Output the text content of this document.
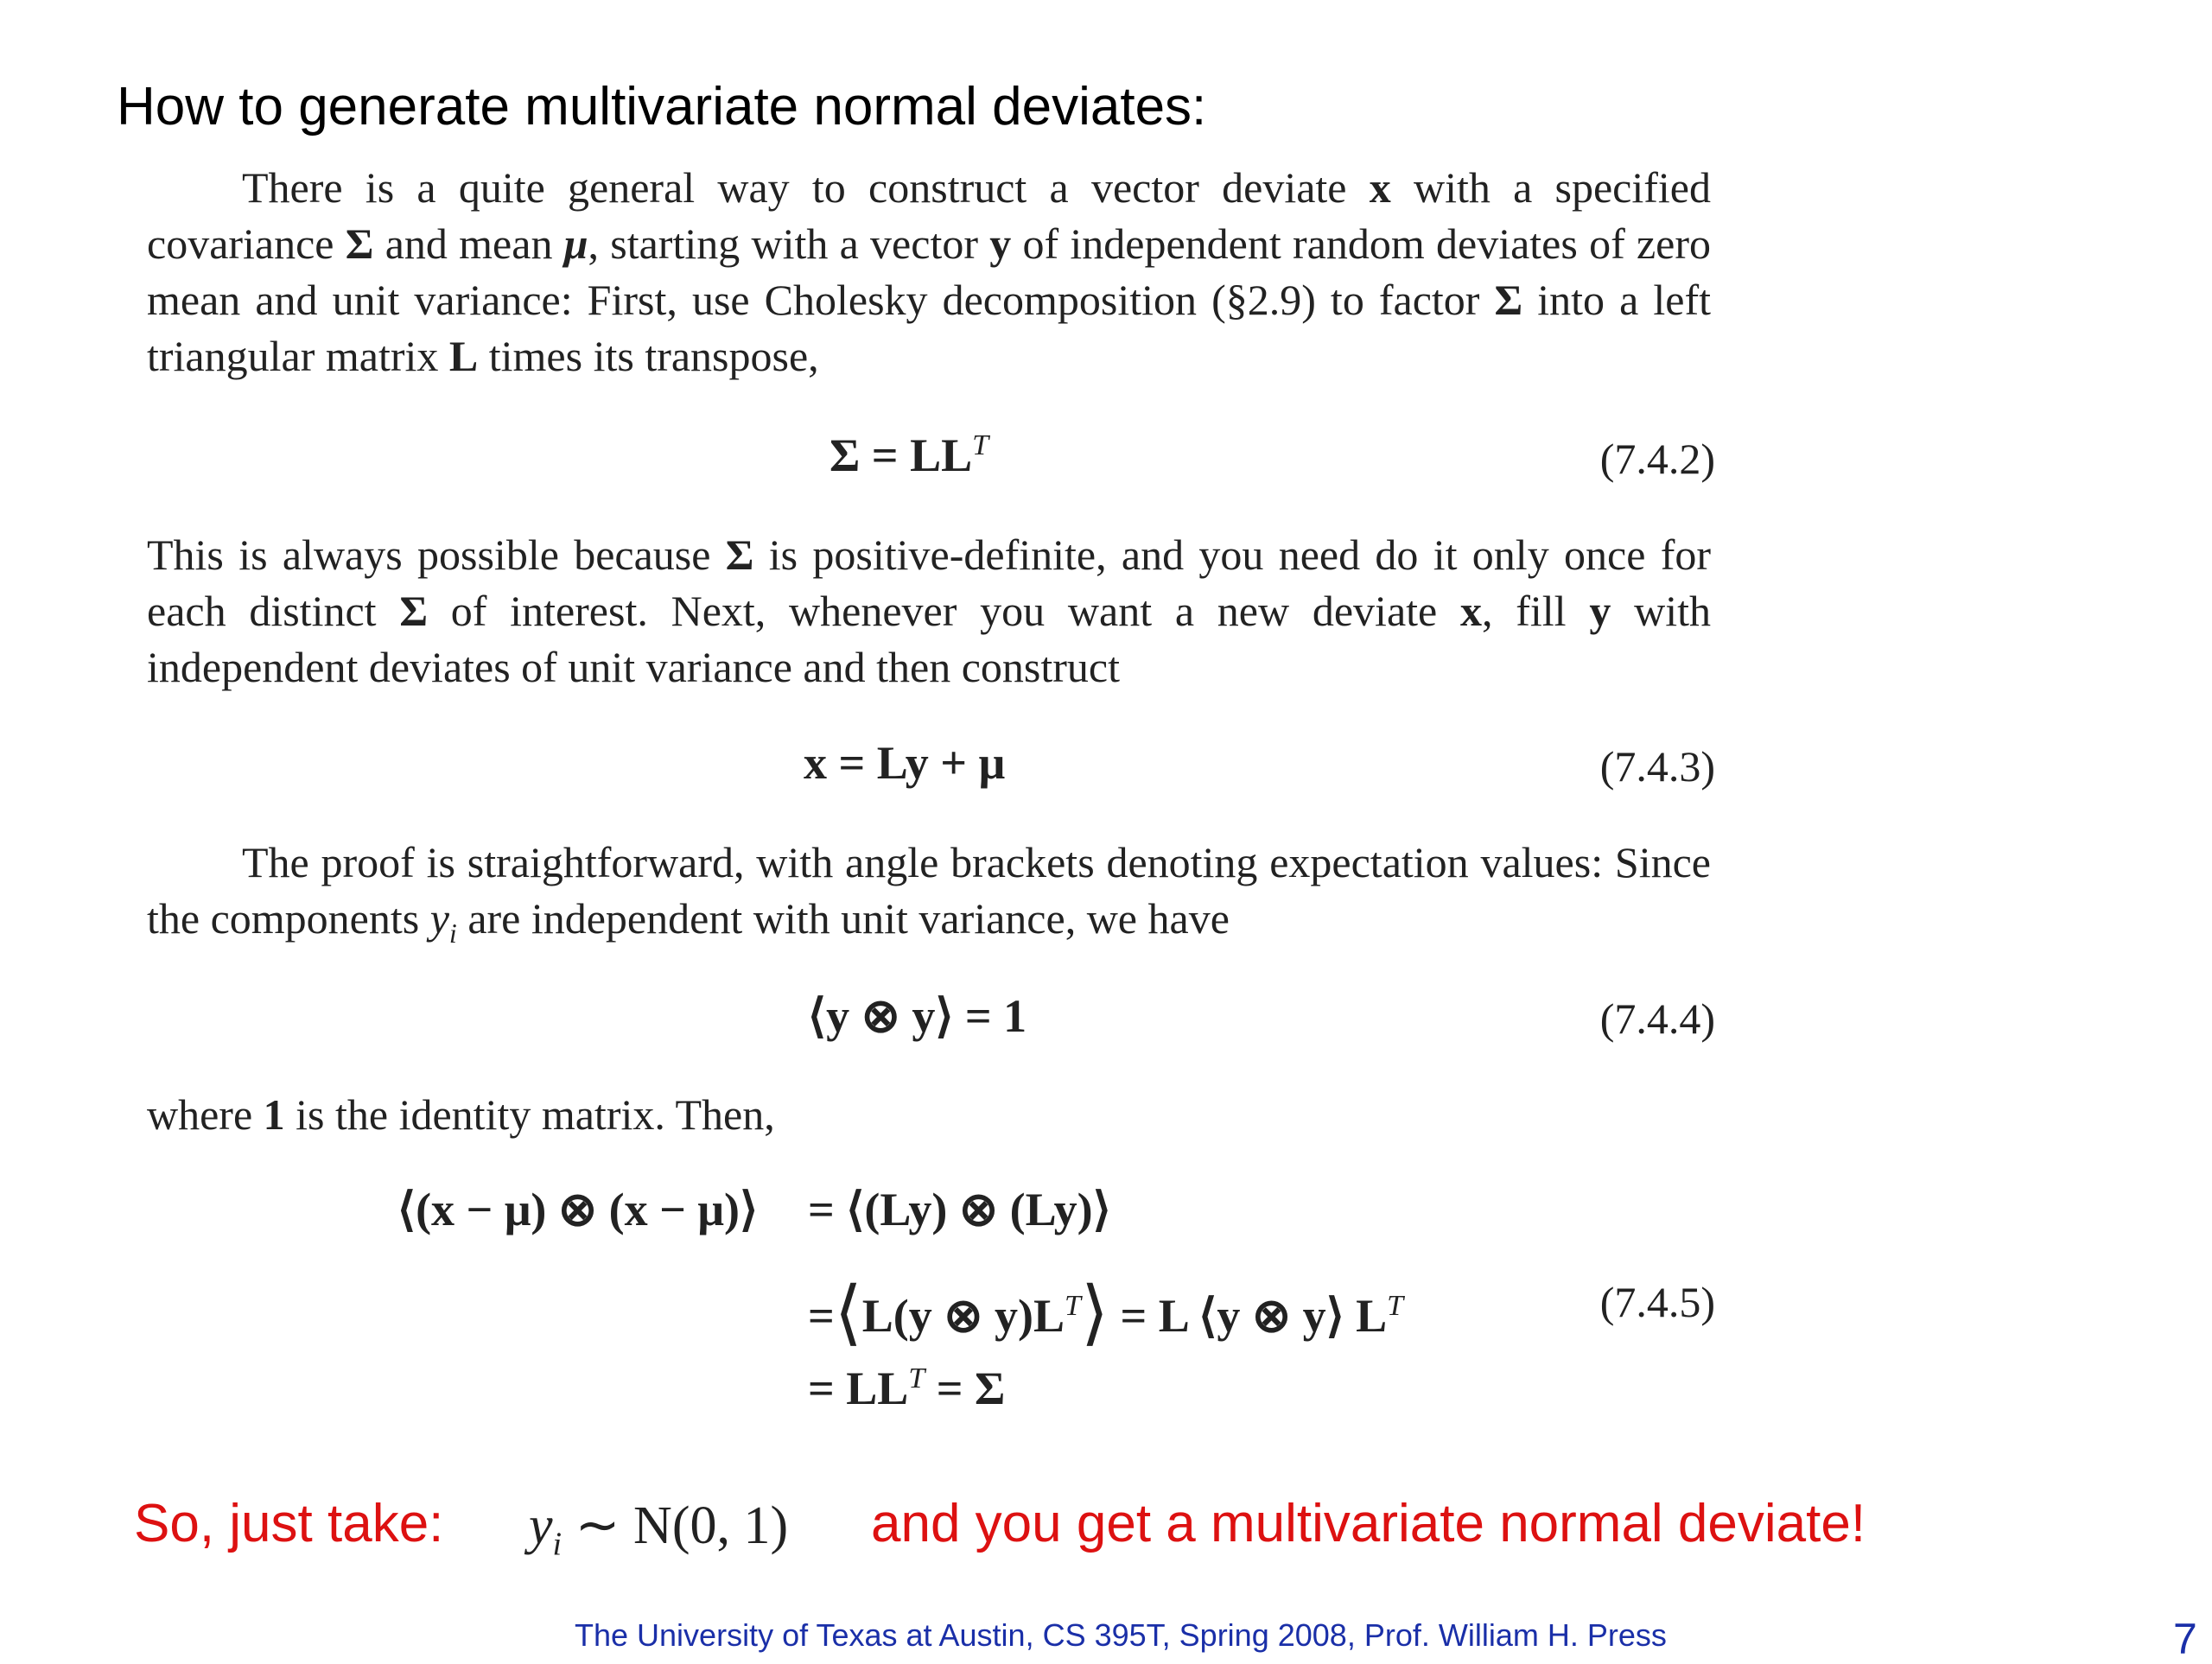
How to generate multivariate normal deviates:

There is a quite general way to construct a vector deviate x with a specified covariance Σ and mean μ, starting with a vector y of independent random deviates of zero mean and unit variance: First, use Cholesky decomposition (§2.9) to factor Σ into a left triangular matrix L times its transpose,

$\Sigma = LL^T$	(7.4.2)

This is always possible because Σ is positive-definite, and you need do it only once for each distinct Σ of interest. Next, whenever you want a new deviate x, fill y with independent deviates of unit variance and then construct

x = Ly + μ	(7.4.3)

The proof is straightforward, with angle brackets denoting expectation values: Since the components $y_i$ are independent with unit variance, we have

⟨y ⊗ y⟩ = 1	(7.4.4)

where 1 is the identity matrix. Then,

⟨(x − μ) ⊗ (x − μ)⟩ = ⟨(Ly) ⊗ (Ly)⟩
=⟨L(y ⊗ $y)L^T⟩ = L$ ⟨y ⊗ y⟩ $L^T$	(7.4.5)
= $LL^T = \Sigma$
So, just take: $y_i$ ∼ N(0, 1) and you get a multivariate normal deviate!
The University of Texas at Austin, CS 395T, Spring 2008, Prof. William H. Press	7
